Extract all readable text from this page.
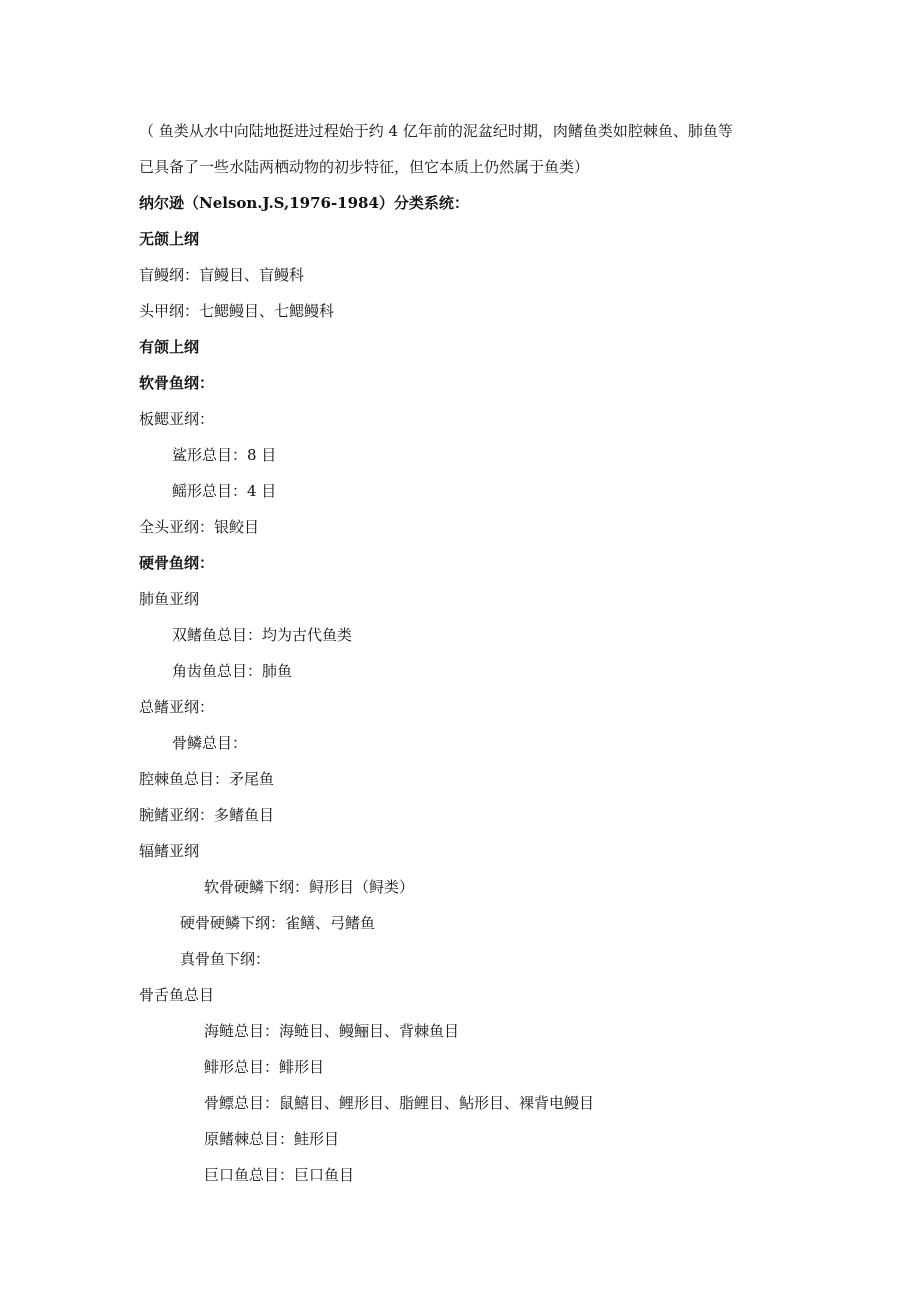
（ 鱼类从水中向陆地挺进过程始于约 4 亿年前的泥盆纪时期，肉鳍鱼类如腔棘鱼、肺鱼等
已具备了一些水陆两栖动物的初步特征，但它本质上仍然属于鱼类）
纳尔逊（Nelson.J.S,1976-1984）分类系统：
无颌上纲
盲鳗纲：盲鳗目、盲鳗科
头甲纲：七鳃鳗目、七鳃鳗科
有颌上纲
软骨鱼纲：
板鳃亚纲：
鲨形总目：8 目
鳐形总目：4 目
全头亚纲：银鲛目
硬骨鱼纲：
肺鱼亚纲
双鳍鱼总目：均为古代鱼类
角齿鱼总目：肺鱼
总鳍亚纲：
骨鳞总目：
腔棘鱼总目：矛尾鱼
腕鳍亚纲：多鳍鱼目
辐鳍亚纲
软骨硬鳞下纲：鲟形目（鲟类）
硬骨硬鳞下纲：雀鳝、弓鳍鱼
真骨鱼下纲：
骨舌鱼总目
海鲢总目：海鲢目、鳗鲡目、背棘鱼目
鲱形总目：鲱形目
骨鳔总目：鼠鱚目、鲤形目、脂鲤目、鲇形目、裸背电鳗目
原鳍棘总目：鲑形目
巨口鱼总目：巨口鱼目
